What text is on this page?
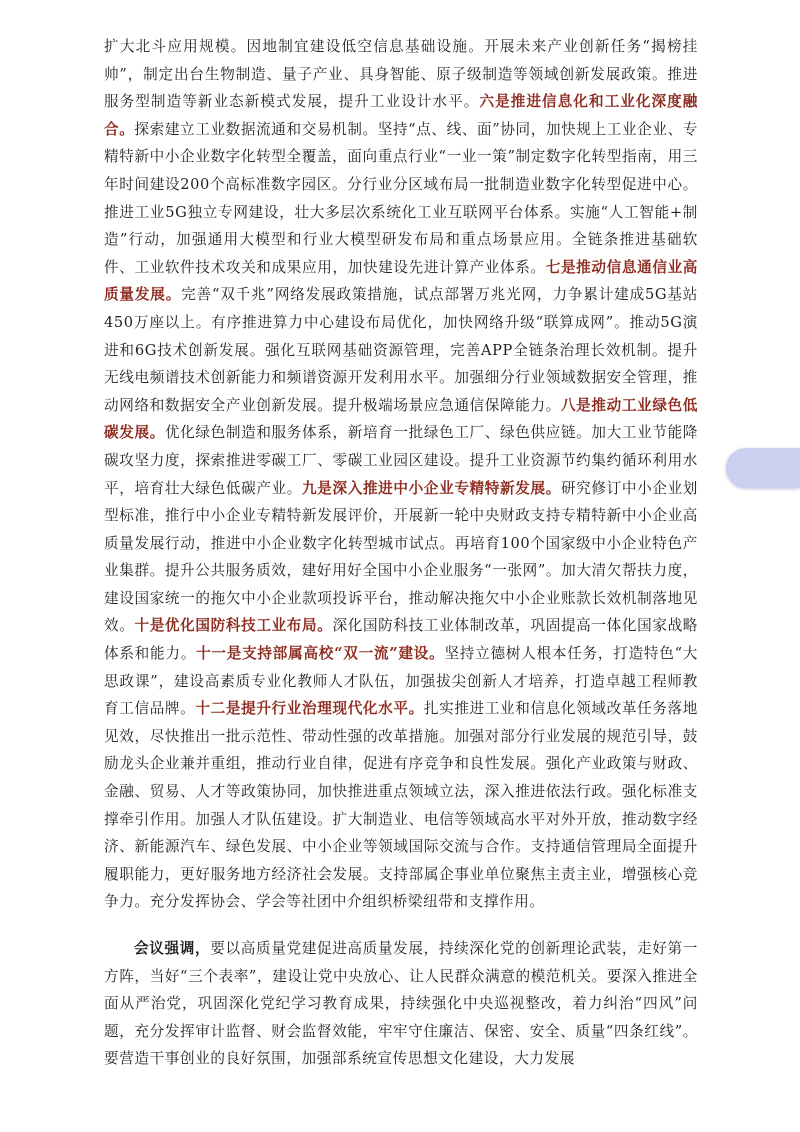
扩大北斗应用规模。因地制宜建设低空信息基础设施。开展未来产业创新任务“揭榜挂帅”，制定出台生物制造、量子产业、具身智能、原子级制造等领域创新发展政策。推进服务型制造等新业态新模式发展，提升工业设计水平。六是推进信息化和工业化深度融合。探索建立工业数据流通和交易机制。坚持“点、线、面”协同，加快规上工业企业、专精特新中小企业数字化转型全覆盖，面向重点行业“一业一策”制定数字化转型指南，用三年时间建设200个高标准数字园区。分行业分区域布局一批制造业数字化转型促进中心。推进工业5G独立专网建设，壮大多层次系统化工业互联网平台体系。实施“人工智能+制造”行动，加强通用大模型和行业大模型研发布局和重点场景应用。全链条推进基础软件、工业软件技术攻关和成果应用，加快建设先进计算产业体系。七是推动信息通信业高质量发展。完善“双千兆”网络发展政策措施，试点部署万兆光网，力争累计建成5G基站450万座以上。有序推进算力中心建设布局优化，加快网络升级“联算成网”。推动5G演进和6G技术创新发展。强化互联网基础资源管理，完善APP全链条治理长效机制。提升无线电频谱技术创新能力和频谱资源开发利用水平。加强细分行业领域数据安全管理，推动网络和数据安全产业创新发展。提升极端场景应急通信保障能力。八是推动工业绿色低碳发展。优化绿色制造和服务体系，新培育一批绿色工厂、绿色供应链。加大工业节能降碳攻坚力度，探索推进零碳工厂、零碳工业园区建设。提升工业资源节约集约循环利用水平，培育壮大绿色低碳产业。九是深入推进中小企业专精特新发展。研究修订中小企业划型标准，推行中小企业专精特新发展评价，开展新一轮中央财政支持专精特新中小企业高质量发展行动，推进中小企业数字化转型城市试点。再培育100个国家级中小企业特色产业集群。提升公共服务质效，建好用好全国中小企业服务“一张网”。加大清欠帮扶力度，建设国家统一的拖欠中小企业款项投诉平台，推动解决拖欠中小企业账款长效机制落地见效。十是优化国防科技工业布局。深化国防科技工业体制改革，巩固提高一体化国家战略体系和能力。十一是支持部属高校“双一流”建设。坚持立德树人根本任务，打造特色“大思政课”，建设高素质专业化教师人才队伍，加强拔尖创新人才培养，打造卓越工程师教育工信品牌。十二是提升行业治理现代化水平。扎实推进工业和信息化领域改革任务落地见效，尽快推出一批示范性、带动性强的改革措施。加强对部分行业发展的规范引导，鼓励龙头企业兼并重组，推动行业自律，促进有序竞争和良性发展。强化产业政策与财政、金融、贸易、人才等政策协同，加快推进重点领域立法，深入推进依法行政。强化标准支撑牵引作用。加强人才队伍建设。扩大制造业、电信等领域高水平对外开放，推动数字经济、新能源汽车、绿色发展、中小企业等领域国际交流与合作。支持通信管理局全面提升履职能力，更好服务地方经济社会发展。支持部属企事业单位聚焦主责主业，增强核心竞争力。充分发挥协会、学会等社团中介组织桥梁纽带和支撑作用。

会议强调，要以高质量党建促进高质量发展，持续深化党的创新理论武装，走好第一方阵，当好“三个表率”，建设让党中央放心、让人民群众满意的模范机关。要深入推进全面从严治党，巩固深化党纪学习教育成果，持续强化中央巡视整改，着力纠治“四风”问题，充分发挥审计监督、财会监督效能，牢牢守住廉洁、保密、安全、质量“四条红线”。要营造干事创业的良好氛围，加强部系统宣传思想文化建设，大力发展
